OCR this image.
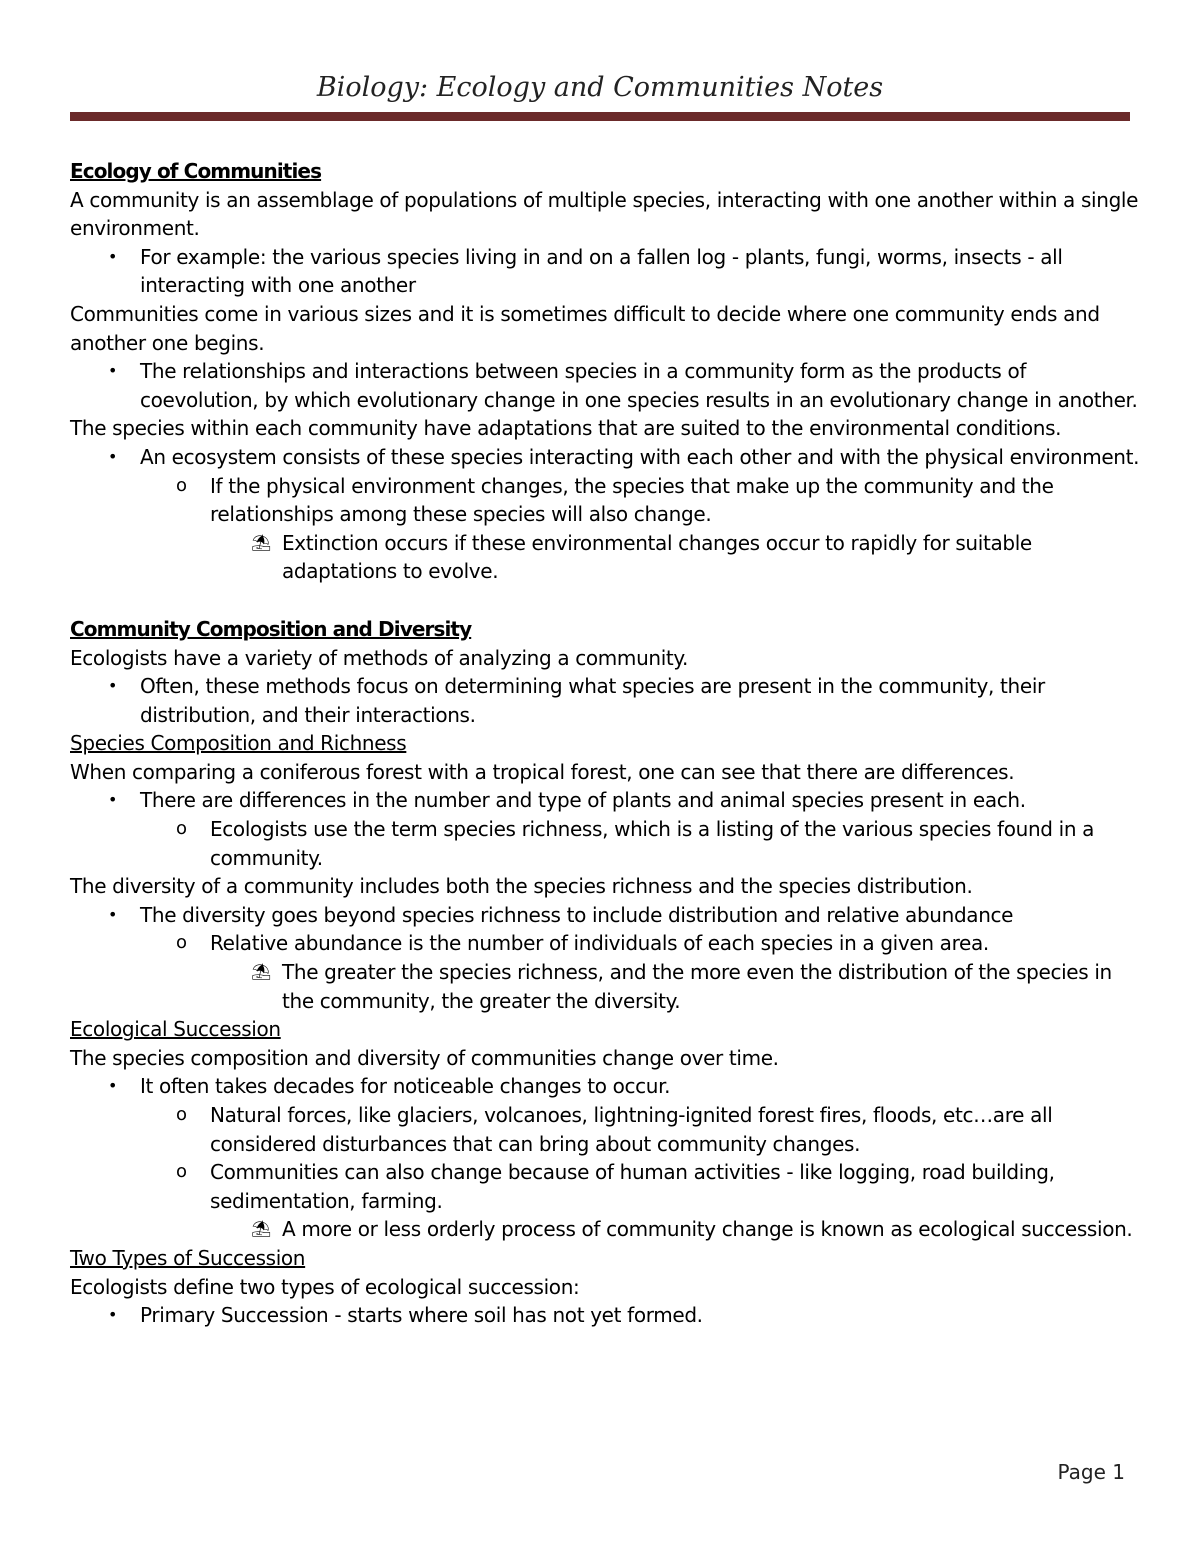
Biology: Ecology and Communities Notes
Ecology of Communities
A community is an assemblage of populations of multiple species, interacting with one another within a single environment.
• For example: the various species living in and on a fallen log - plants, fungi, worms, insects - all interacting with one another
Communities come in various sizes and it is sometimes difficult to decide where one community ends and another one begins.
• The relationships and interactions between species in a community form as the products of coevolution, by which evolutionary change in one species results in an evolutionary change in another.
The species within each community have adaptations that are suited to the environmental conditions.
• An ecosystem consists of these species interacting with each other and with the physical environment.
o If the physical environment changes, the species that make up the community and the relationships among these species will also change.
⛱ Extinction occurs if these environmental changes occur to rapidly for suitable adaptations to evolve.
Community Composition and Diversity
Ecologists have a variety of methods of analyzing a community.
• Often, these methods focus on determining what species are present in the community, their distribution, and their interactions.
Species Composition and Richness
When comparing a coniferous forest with a tropical forest, one can see that there are differences.
• There are differences in the number and type of plants and animal species present in each.
o Ecologists use the term species richness, which is a listing of the various species found in a community.
The diversity of a community includes both the species richness and the species distribution.
• The diversity goes beyond species richness to include distribution and relative abundance
o Relative abundance is the number of individuals of each species in a given area.
⛱ The greater the species richness, and the more even the distribution of the species in the community, the greater the diversity.
Ecological Succession
The species composition and diversity of communities change over time.
• It often takes decades for noticeable changes to occur.
o Natural forces, like glaciers, volcanoes, lightning-ignited forest fires, floods, etc…are all considered disturbances that can bring about community changes.
o Communities can also change because of human activities - like logging, road building, sedimentation, farming.
⛱ A more or less orderly process of community change is known as ecological succession.
Two Types of Succession
Ecologists define two types of ecological succession:
• Primary Succession - starts where soil has not yet formed.
Page 1
